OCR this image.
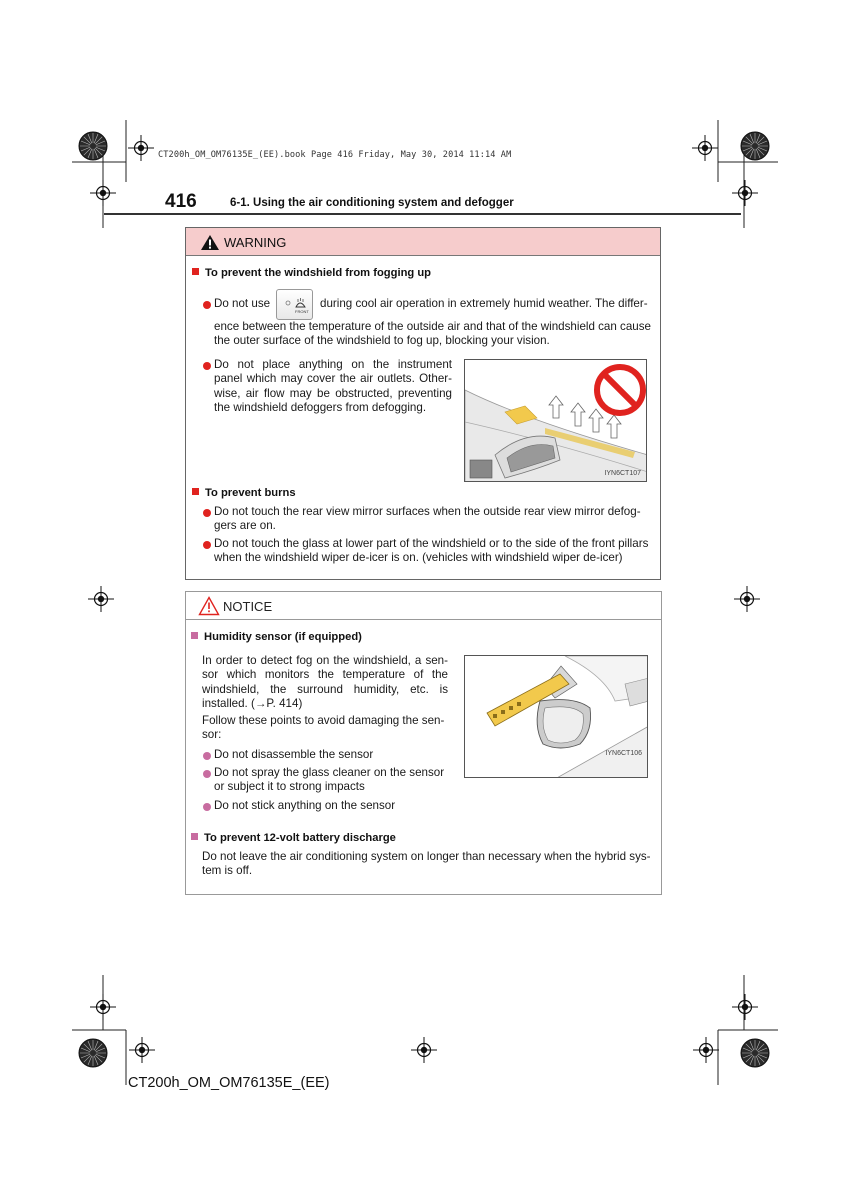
CT200h_OM_OM76135E_(EE).book Page 416 Friday, May 30, 2014 11:14 AM
416	6-1. Using the air conditioning system and defogger
WARNING
To prevent the windshield from fogging up
Do not use
FRONT
during cool air operation in extremely humid weather. The differ-
ence between the temperature of the outside air and that of the windshield can cause
the outer surface of the windshield to fog up, blocking your vision.
Do not place anything on the instrument
panel which may cover the air outlets. Other-
wise, air flow may be obstructed, preventing
the windshield defoggers from defogging.
IYN6CT107
To prevent burns
Do not touch the rear view mirror surfaces when the outside rear view mirror defog-
gers are on.
Do not touch the glass at lower part of the windshield or to the side of the front pillars
when the windshield wiper de-icer is on. (vehicles with windshield wiper de-icer)
NOTICE
Humidity sensor (if equipped)
In order to detect fog on the windshield, a sen-
sor which monitors the temperature of the
windshield, the surround humidity, etc. is
installed. (→P. 414)
Follow these points to avoid damaging the sen-
sor:
Do not disassemble the sensor
Do not spray the glass cleaner on the sensor
or subject it to strong impacts
Do not stick anything on the sensor
IYN6CT106
To prevent 12-volt battery discharge
Do not leave the air conditioning system on longer than necessary when the hybrid sys-
tem is off.
CT200h_OM_OM76135E_(EE)
